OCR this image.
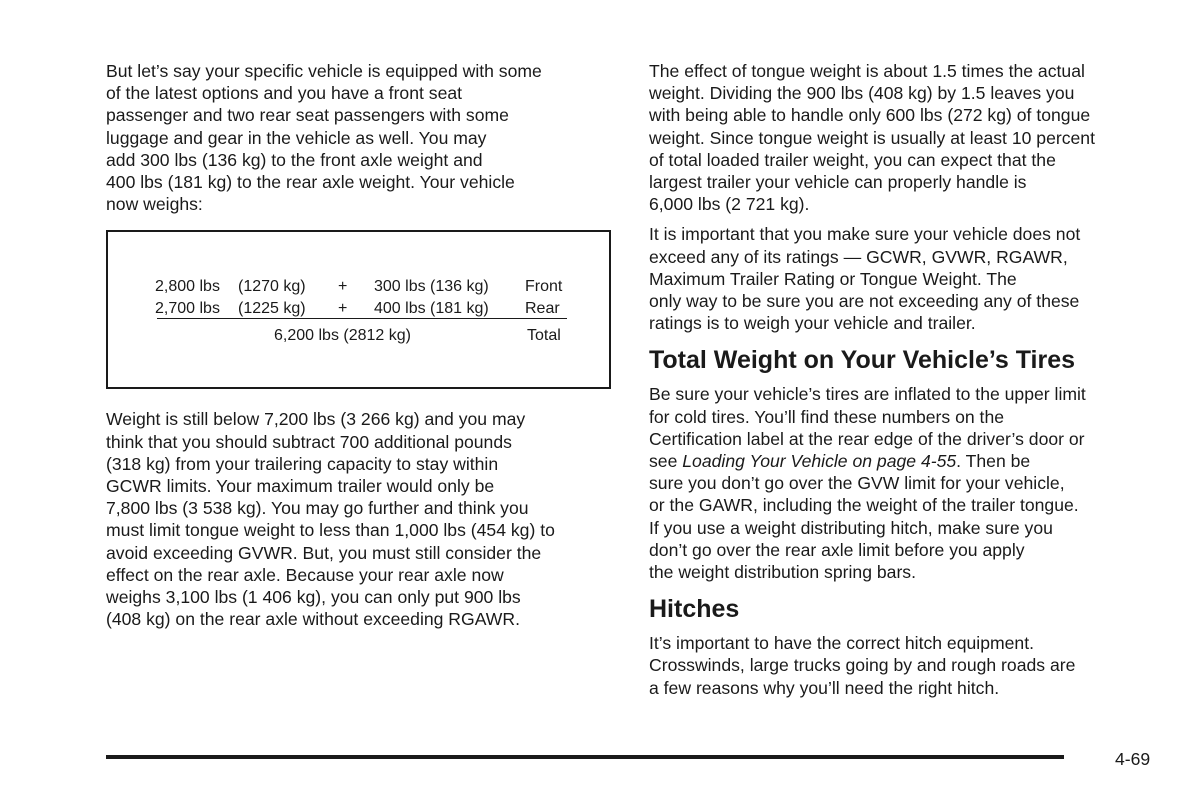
But let’s say your specific vehicle is equipped with some
of the latest options and you have a front seat
passenger and two rear seat passengers with some
luggage and gear in the vehicle as well. You may
add 300 lbs (136 kg) to the front axle weight and
400 lbs (181 kg) to the rear axle weight. Your vehicle
now weighs:

2,800 lbs (1270 kg) + 300 lbs (136 kg) Front
2,700 lbs (1225 kg) + 400 lbs (181 kg) Rear
6,200 lbs (2812 kg)	Total

Weight is still below 7,200 lbs (3 266 kg) and you may
think that you should subtract 700 additional pounds
(318 kg) from your trailering capacity to stay within
GCWR limits. Your maximum trailer would only be
7,800 lbs (3 538 kg). You may go further and think you
must limit tongue weight to less than 1,000 lbs (454 kg) to
avoid exceeding GVWR. But, you must still consider the
effect on the rear axle. Because your rear axle now
weighs 3,100 lbs (1 406 kg), you can only put 900 lbs
(408 kg) on the rear axle without exceeding RGAWR.

The effect of tongue weight is about 1.5 times the actual
weight. Dividing the 900 lbs (408 kg) by 1.5 leaves you
with being able to handle only 600 lbs (272 kg) of tongue
weight. Since tongue weight is usually at least 10 percent
of total loaded trailer weight, you can expect that the
largest trailer your vehicle can properly handle is
6,000 lbs (2 721 kg).

It is important that you make sure your vehicle does not
exceed any of its ratings — GCWR, GVWR, RGAWR,
Maximum Trailer Rating or Tongue Weight. The
only way to be sure you are not exceeding any of these
ratings is to weigh your vehicle and trailer.

Total Weight on Your Vehicle’s Tires

Be sure your vehicle’s tires are inflated to the upper limit
for cold tires. You’ll find these numbers on the
Certification label at the rear edge of the driver’s door or
see Loading Your Vehicle on page 4-55. Then be
sure you don’t go over the GVW limit for your vehicle,
or the GAWR, including the weight of the trailer tongue.
If you use a weight distributing hitch, make sure you
don’t go over the rear axle limit before you apply
the weight distribution spring bars.

Hitches

It’s important to have the correct hitch equipment.
Crosswinds, large trucks going by and rough roads are
a few reasons why you’ll need the right hitch.

4-69
